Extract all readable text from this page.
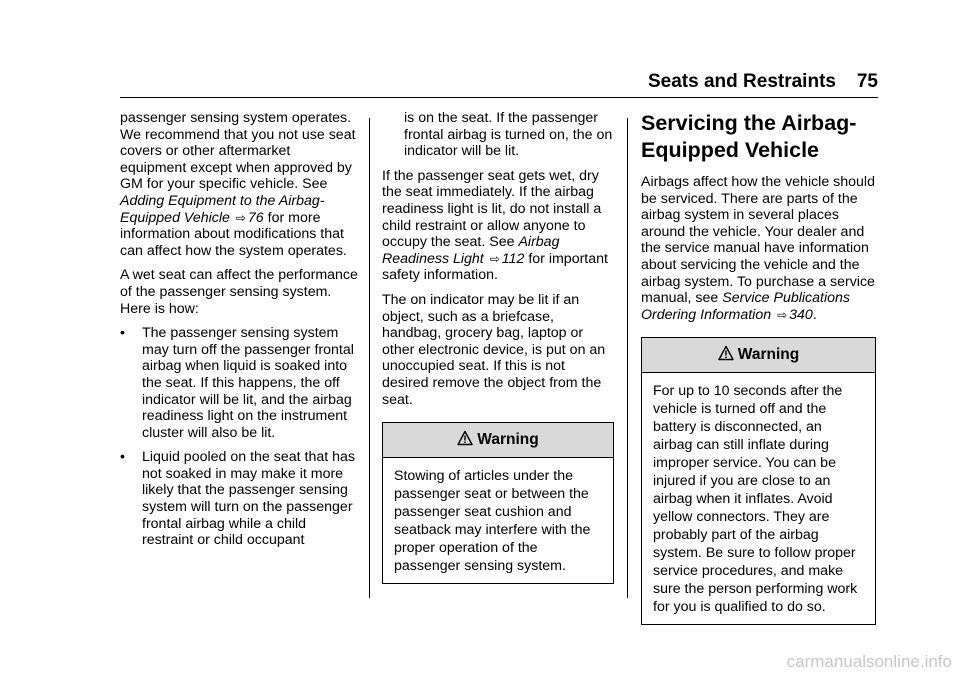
Seats and Restraints	75

passenger sensing system operates. We recommend that you not use seat covers or other aftermarket equipment except when approved by GM for your specific vehicle. See Adding Equipment to the Airbag-Equipped Vehicle ⇨ 76 for more information about modifications that can affect how the system operates.

A wet seat can affect the performance of the passenger sensing system. Here is how:

• The passenger sensing system may turn off the passenger frontal airbag when liquid is soaked into the seat. If this happens, the off indicator will be lit, and the airbag readiness light on the instrument cluster will also be lit.
• Liquid pooled on the seat that has not soaked in may make it more likely that the passenger sensing system will turn on the passenger frontal airbag while a child restraint or child occupant

is on the seat. If the passenger frontal airbag is turned on, the on indicator will be lit.

If the passenger seat gets wet, dry the seat immediately. If the airbag readiness light is lit, do not install a child restraint or allow anyone to occupy the seat. See Airbag Readiness Light ⇨ 112 for important safety information.

The on indicator may be lit if an object, such as a briefcase, handbag, grocery bag, laptop or other electronic device, is put on an unoccupied seat. If this is not desired remove the object from the seat.

Warning
Stowing of articles under the passenger seat or between the passenger seat cushion and seatback may interfere with the proper operation of the passenger sensing system.
Servicing the Airbag-Equipped Vehicle

Airbags affect how the vehicle should be serviced. There are parts of the airbag system in several places around the vehicle. Your dealer and the service manual have information about servicing the vehicle and the airbag system. To purchase a service manual, see Service Publications Ordering Information ⇨ 340.

Warning
For up to 10 seconds after the vehicle is turned off and the battery is disconnected, an airbag can still inflate during improper service. You can be injured if you are close to an airbag when it inflates. Avoid yellow connectors. They are probably part of the airbag system. Be sure to follow proper service procedures, and make sure the person performing work for you is qualified to do so.
carmanualsonline.info
